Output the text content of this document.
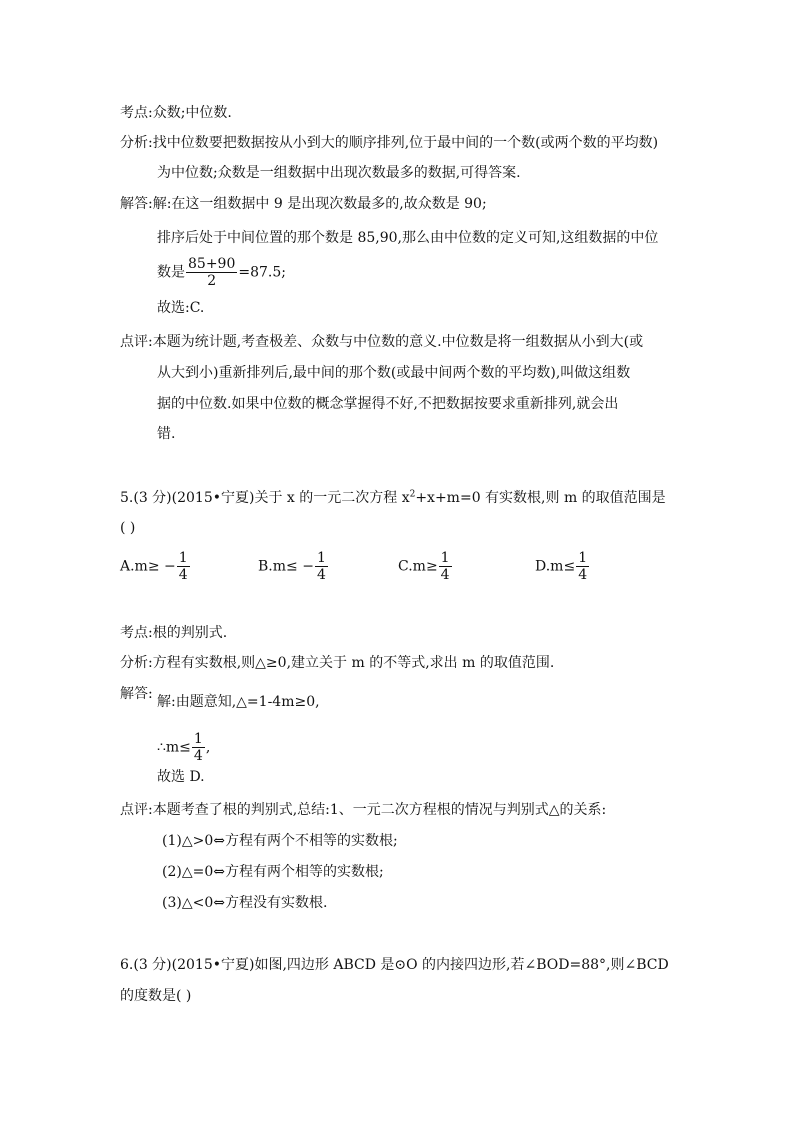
考点:众数;中位数.
分析:找中位数要把数据按从小到大的顺序排列,位于最中间的一个数(或两个数的平均数)
为中位数;众数是一组数据中出现次数最多的数据,可得答案.
解答:解:在这一组数据中 9 是出现次数最多的,故众数是 90;
排序后处于中间位置的那个数是 85,90,那么由中位数的定义可知,这组数据的中位
数是 $\frac{85+90}{2} =87.5$;
故选:C.
点评:本题为统计题,考查极差、众数与中位数的意义.中位数是将一组数据从小到大(或
从大到小)重新排列后,最中间的那个数(或最中间两个数的平均数),叫做这组数
据的中位数.如果中位数的概念掌握得不好,不把数据按要求重新排列,就会出
错.
5.(3 分)(2015•宁夏)关于 x 的一元二次方程 $x^2+x+m=0$ 有实数根,则 m 的取值范围是
( )
$A.m\ge - \frac{1}{4}$	$B.m\le - \frac{1}{4}$	$C.m\ge \frac{1}{4}$	$D.m\le \frac{1}{4}$
考点:根的判别式.
分析:方程有实数根,则△≥0,建立关于 m 的不等式,求出 m 的取值范围.
解答: 解:由题意知,△=1-4m≥0,
∴m≤ $\frac{1}{4}$ ,
故选 D.
点评:本题考查了根的判别式,总结:1、一元二次方程根的情况与判别式△的关系:
(1)△>0⇔方程有两个不相等的实数根;
(2)△=0⇔方程有两个相等的实数根;
(3)△<0⇔方程没有实数根.
6.(3 分)(2015•宁夏)如图,四边形 ABCD 是⊙O 的内接四边形,若∠BOD=88°,则∠BCD
的度数是( )
